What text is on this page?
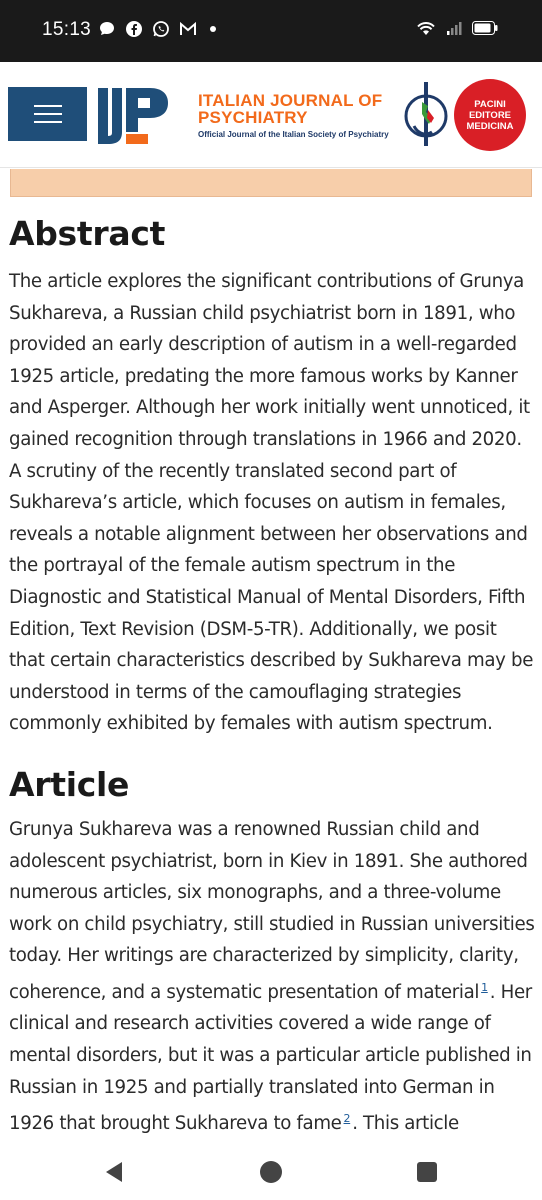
15:13
ITALIAN JOURNAL OF PSYCHIATRY
Official Journal of the Italian Society of Psychiatry
PACINI
EDITORE
MEDICINA
Abstract

The article explores the significant contributions of Grunya Sukhareva, a Russian child psychiatrist born in 1891, who provided an early description of autism in a well-regarded 1925 article, predating the more famous works by Kanner and Asperger. Although her work initially went unnoticed, it gained recognition through translations in 1966 and 2020. A scrutiny of the recently translated second part of Sukhareva’s article, which focuses on autism in females, reveals a notable alignment between her observations and the portrayal of the female autism spectrum in the Diagnostic and Statistical Manual of Mental Disorders, Fifth Edition, Text Revision (DSM-5-TR). Additionally, we posit that certain characteristics described by Sukhareva may be understood in terms of the camouflaging strategies commonly exhibited by females with autism spectrum.

Article

Grunya Sukhareva was a renowned Russian child and adolescent psychiatrist, born in Kiev in 1891. She authored numerous articles, six monographs, and a three-volume work on child psychiatry, still studied in Russian universities today. Her writings are characterized by simplicity, clarity, coherence, and a systematic presentation of material $^1$ . Her clinical and research activities covered a wide range of mental disorders, but it was a particular article published in Russian in 1925 and partially translated into German in 1926 that brought Sukhareva to fame $^2$ . This article
